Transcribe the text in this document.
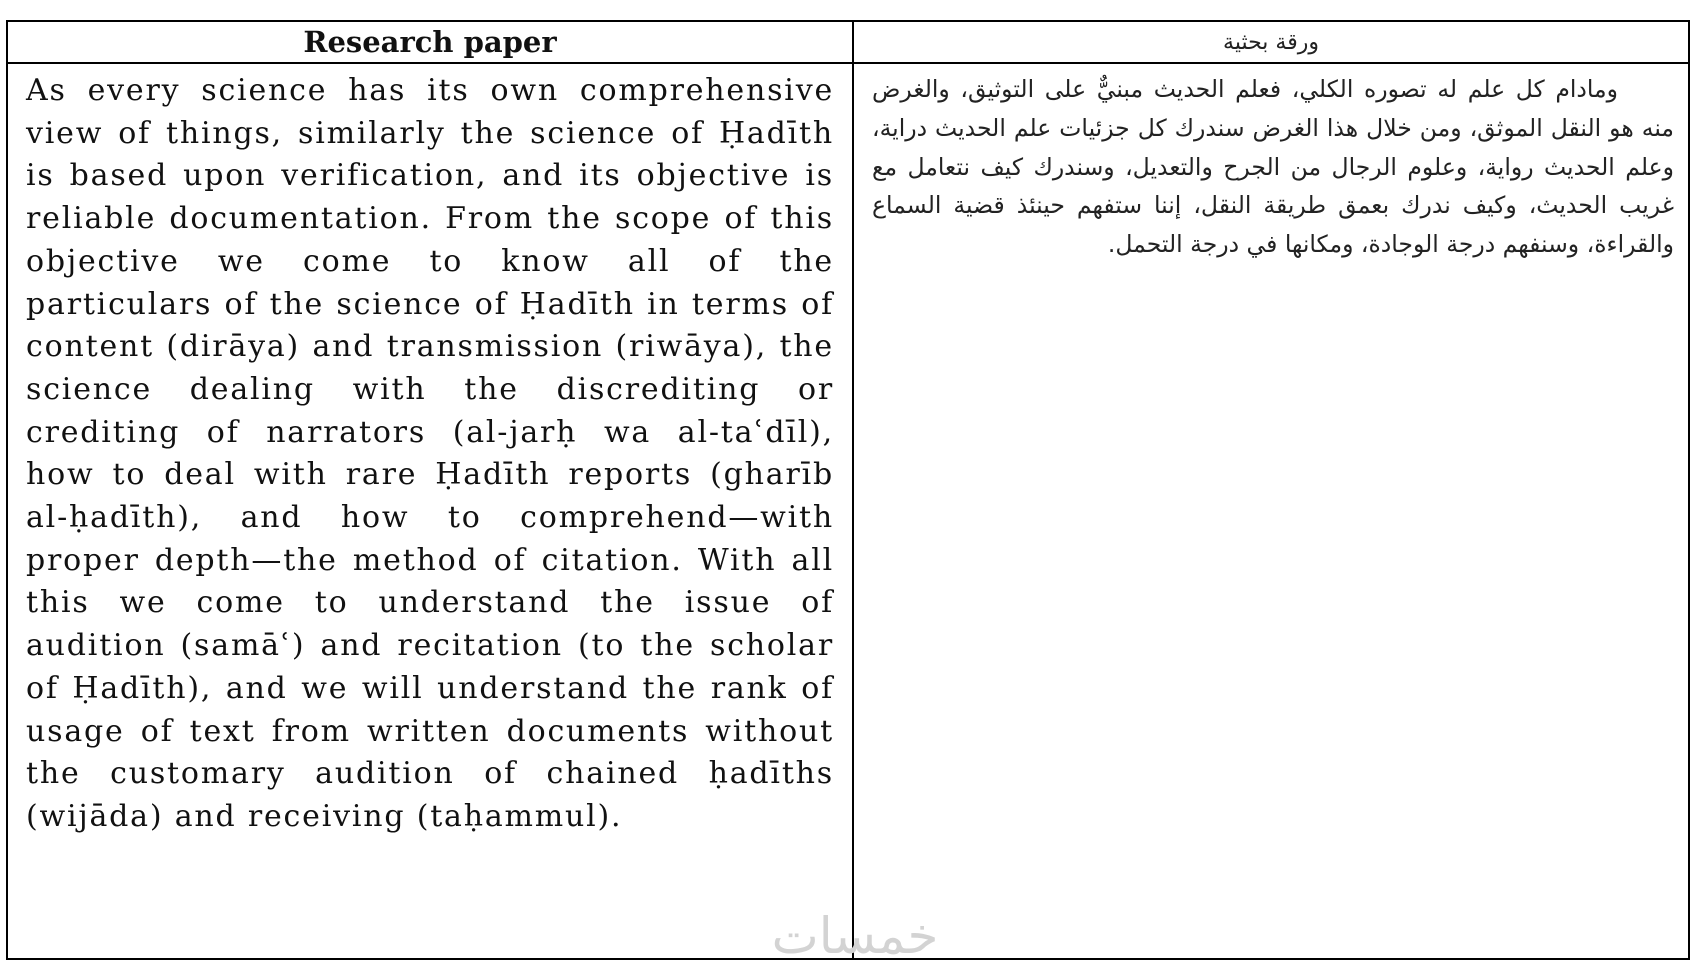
Research paper	ورقة بحثية
As every science has its own comprehensive view of things, similarly the science of Ḥadīth is based upon verification, and its objective is reliable documentation. From the scope of this objective we come to know all of the particulars of the science of Ḥadīth in terms of content (dirāya) and transmission (riwāya), the science dealing with the discrediting or crediting of narrators (al-jarḥ wa al-taʿdīl), how to deal with rare Ḥadīth reports (gharīb al-ḥadīth), and how to comprehend—with proper depth—the method of citation. With all this we come to understand the issue of audition (samāʿ) and recitation (to the scholar of Ḥadīth), and we will understand the rank of usage of text from written documents without the customary audition of chained ḥadīths (wijāda) and receiving (taḥammul).
ومادام كل علم له تصوره الكلي، فعلم الحديث مبنيٌّ على التوثيق، والغرض منه هو النقل الموثق، ومن خلال هذا الغرض سندرك كل جزئيات علم الحديث دراية، وعلم الحديث رواية، وعلوم الرجال من الجرح والتعديل، وسندرك كيف نتعامل مع غريب الحديث، وكيف ندرك بعمق طريقة النقل، إننا ستفهم حينئذ قضية السماع والقراءة، وسنفهم درجة الوجادة، ومكانها في درجة التحمل.
خمسات
